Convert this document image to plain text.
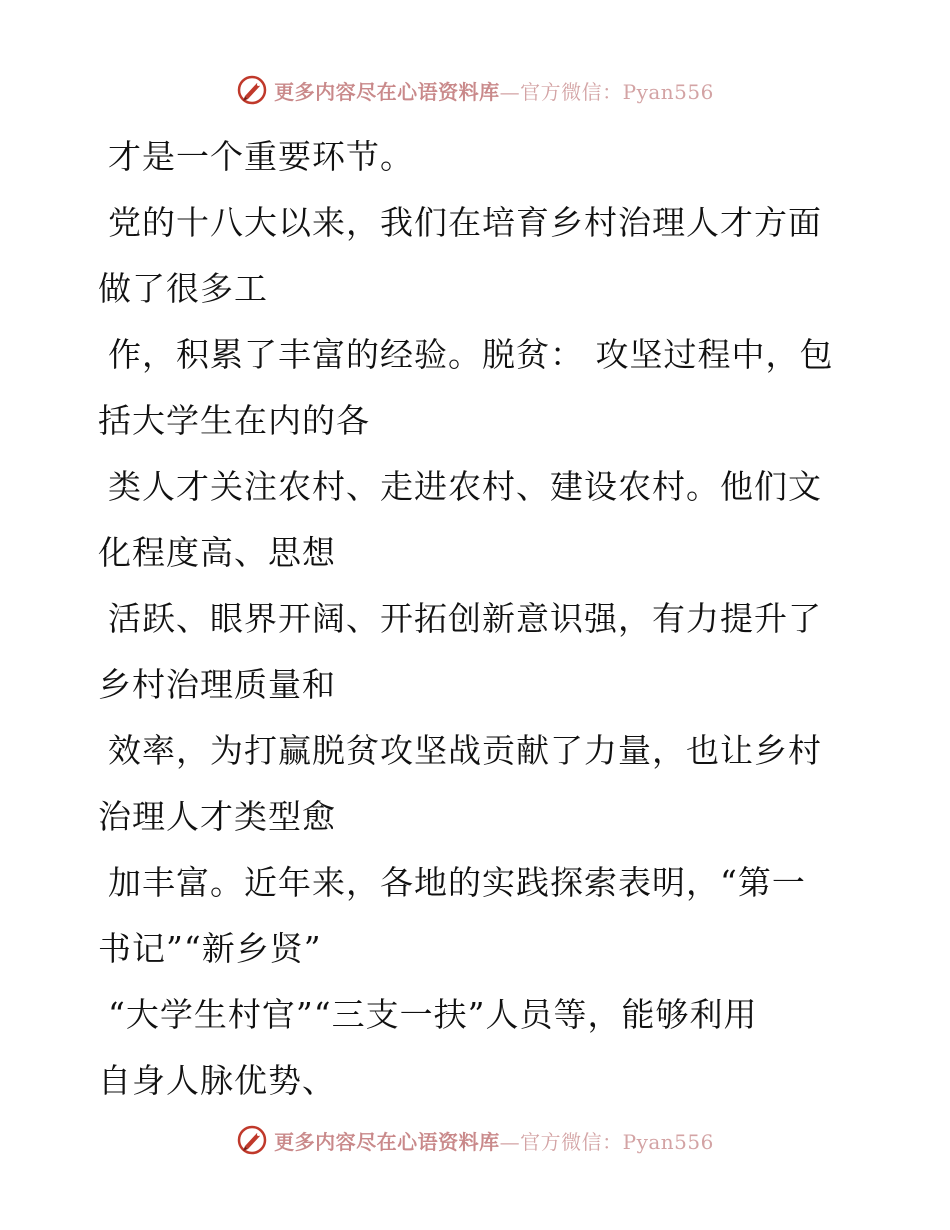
更多内容尽在心语资料库—官方微信：Pyan556
才是一个重要环节。
党的十八大以来，我们在培育乡村治理人才方面
做了很多工
作，积累了丰富的经验。脱贫： 攻坚过程中，包
括大学生在内的各
类人才关注农村、走进农村、建设农村。他们文
化程度高、思想
活跃、眼界开阔、开拓创新意识强，有力提升了
乡村治理质量和
效率，为打赢脱贫攻坚战贡献了力量，也让乡村
治理人才类型愈
加丰富。近年来，各地的实践探索表明，“第一
书记”“新乡贤”
“大学生村官”“三支一扶”人员等，能够利用
自身人脉优势、
更多内容尽在心语资料库—官方微信：Pyan556
